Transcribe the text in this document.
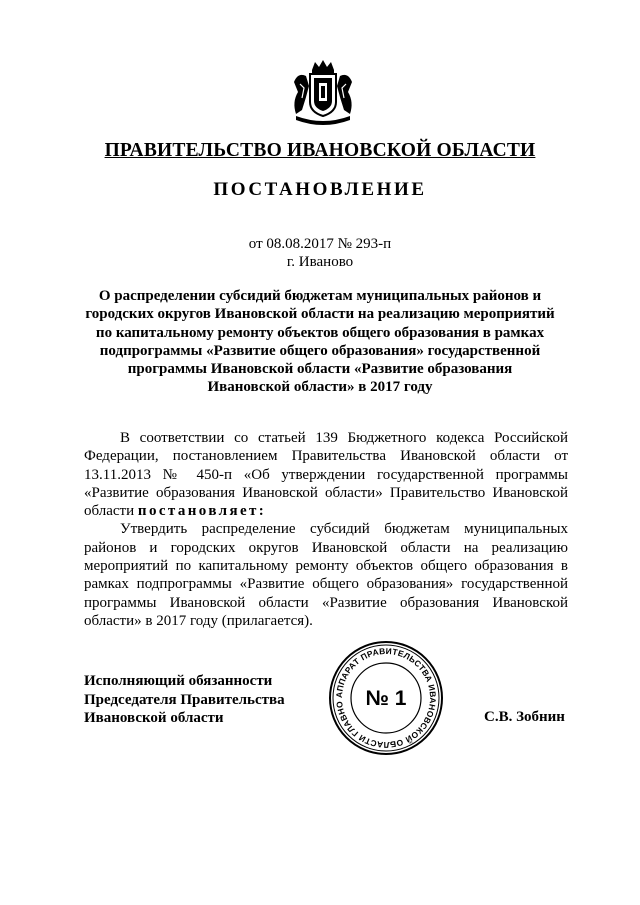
ПРАВИТЕЛЬСТВО ИВАНОВСКОЙ ОБЛАСТИ
ПОСТАНОВЛЕНИЕ
от 08.08.2017 № 293-п
г. Иваново
О распределении субсидий бюджетам муниципальных районов и
городских округов Ивановской области на реализацию мероприятий
по капитальному ремонту объектов общего образования в рамках
подпрограммы «Развитие общего образования» государственной
программы Ивановской области «Развитие образования
Ивановской области» в 2017 году

В соответствии со статьей 139 Бюджетного кодекса Российской Федерации, постановлением Правительства Ивановской области от 13.11.2013 № 450-п «Об утверждении государственной программы «Развитие образования Ивановской области» Правительство Ивановской области постановляет:

Утвердить распределение субсидий бюджетам муниципальных районов и городских округов Ивановской области на реализацию мероприятий по капитальному ремонту объектов общего образования в рамках подпрограммы «Развитие общего образования» государственной программы Ивановской области «Развитие образования Ивановской области» в 2017 году (прилагается).

Исполняющий обязанности
Председателя Правительства
Ивановской области
АППАРАТ ПРАВИТЕЛЬСТВА ИВАНОВСКОЙ ОБЛАСТИ ГЛАВНО № 1
С.В. Зобнин
